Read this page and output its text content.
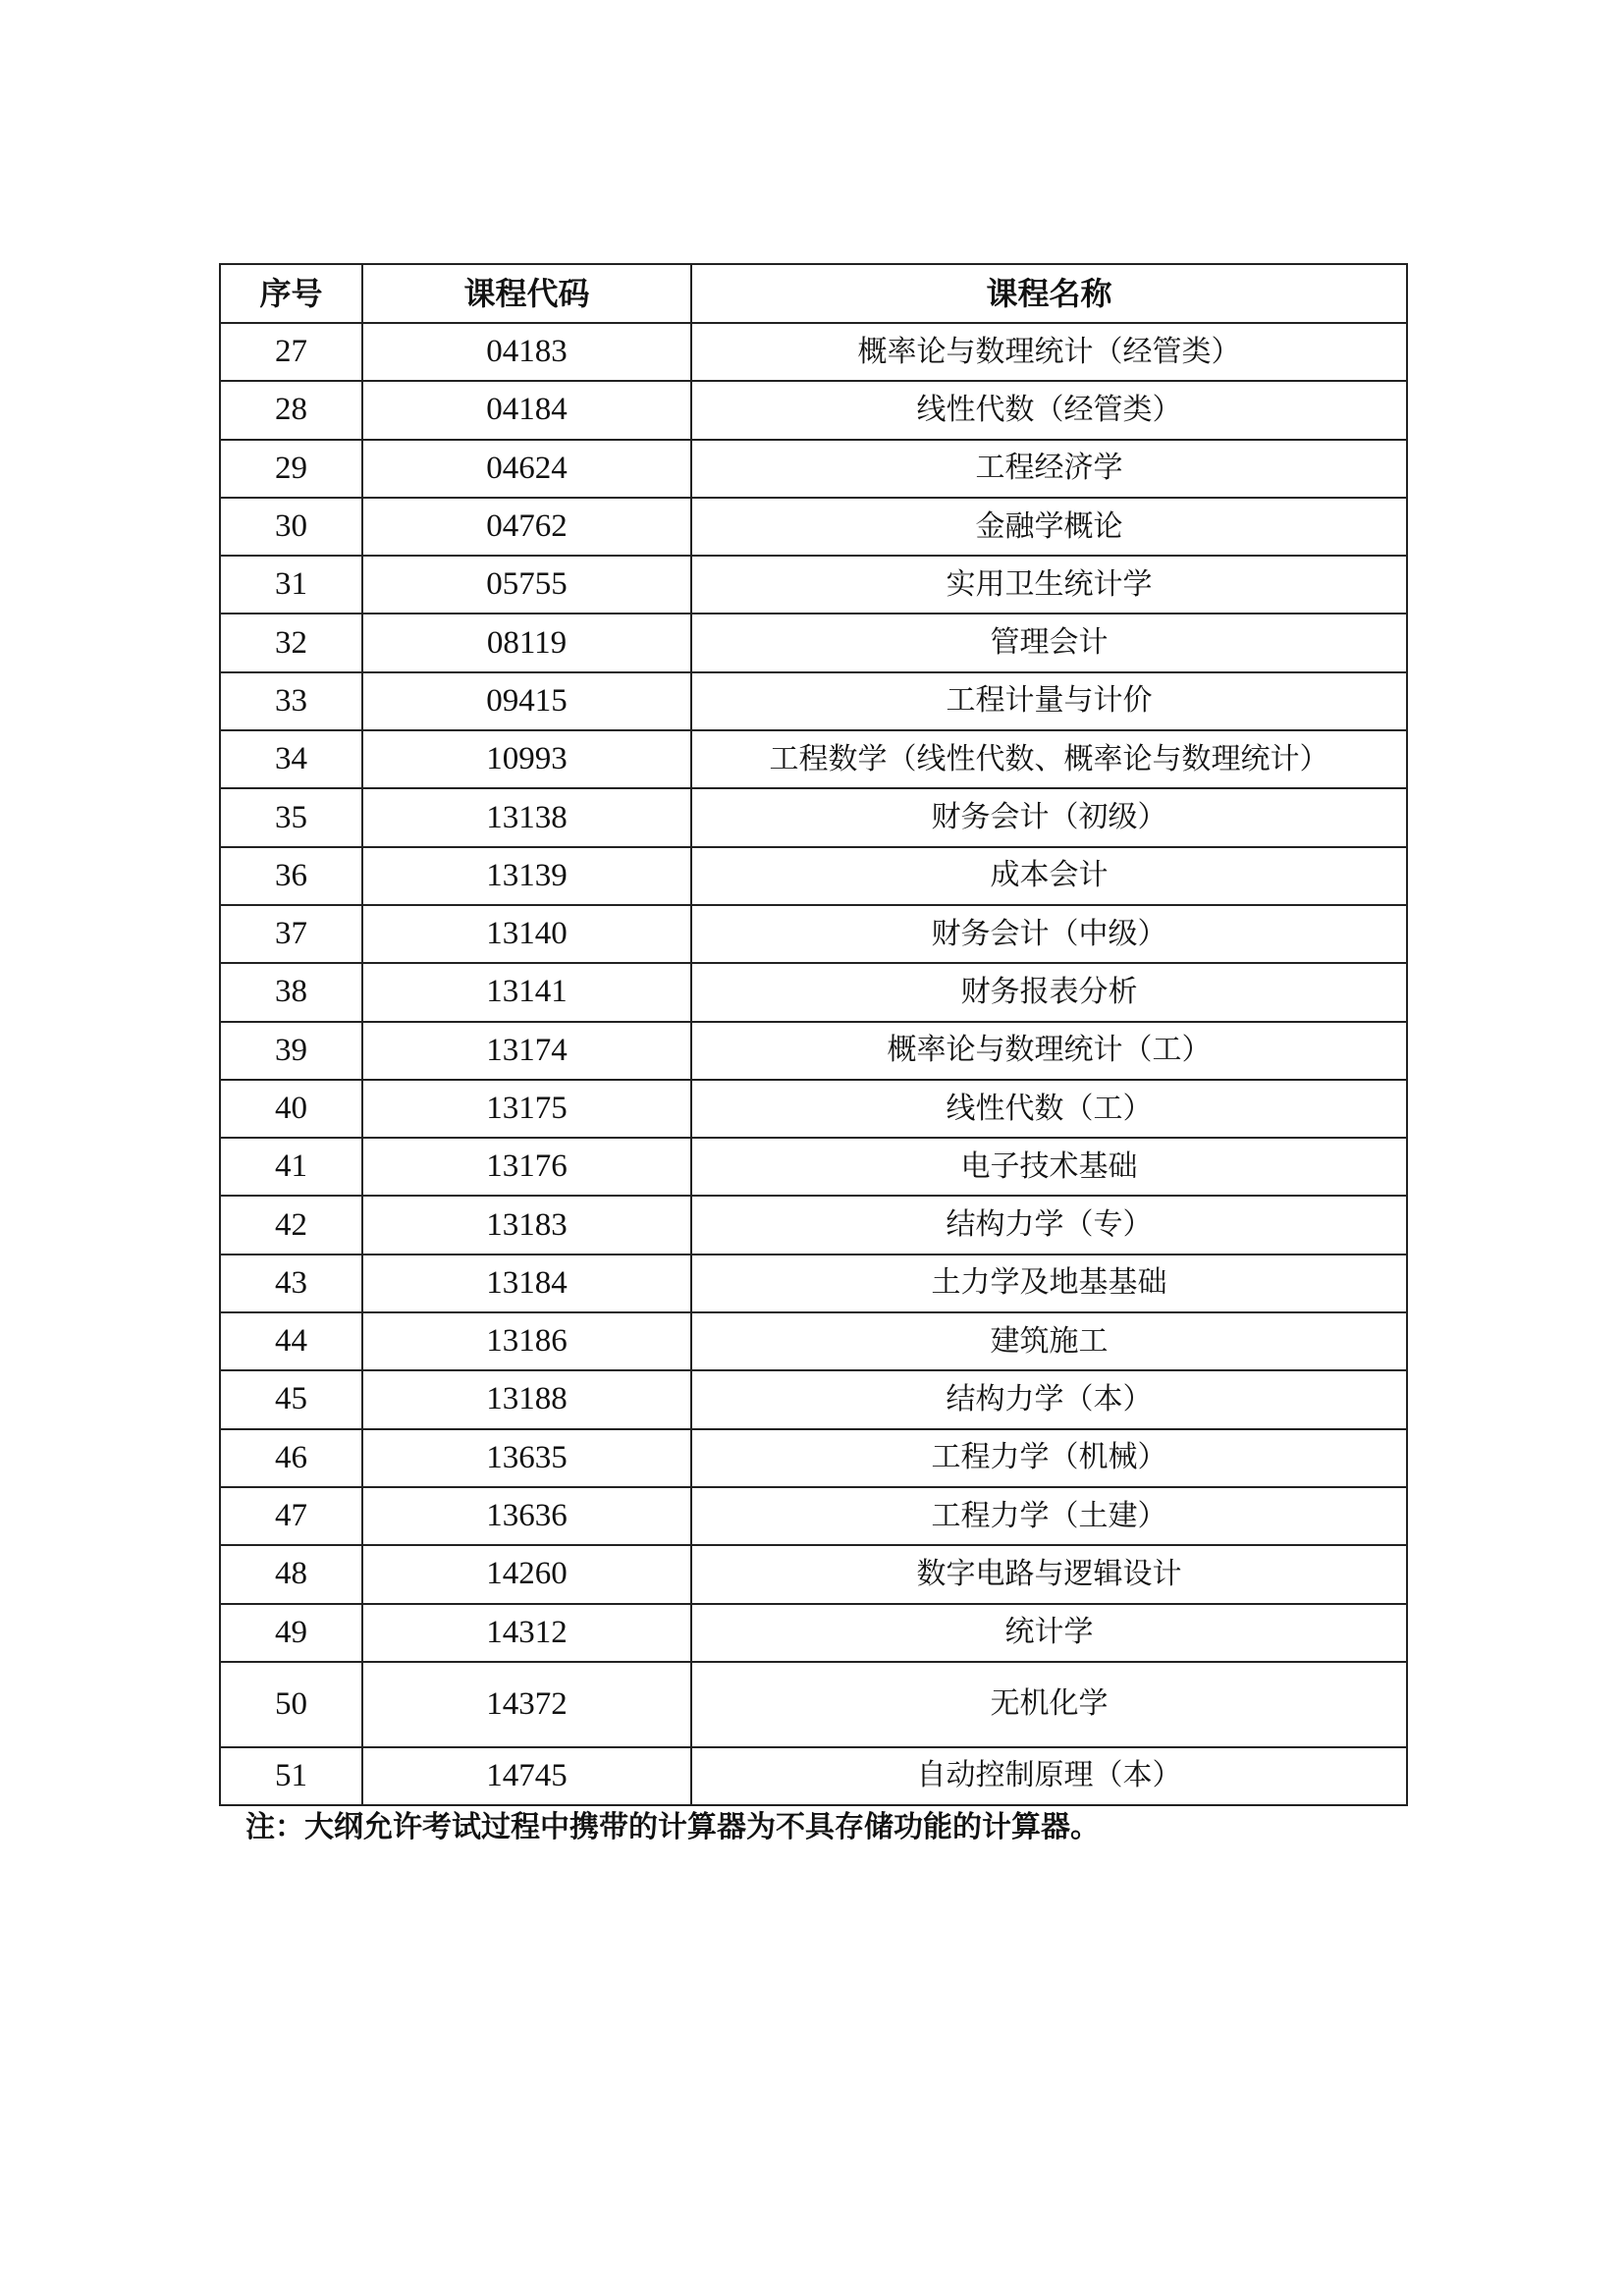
序号	课程代码	课程名称
27	04183	概率论与数理统计（经管类）
28	04184	线性代数（经管类）
29	04624	工程经济学
30	04762	金融学概论
31	05755	实用卫生统计学
32	08119	管理会计
33	09415	工程计量与计价
34	10993	工程数学（线性代数、概率论与数理统计）
35	13138	财务会计（初级）
36	13139	成本会计
37	13140	财务会计（中级）
38	13141	财务报表分析
39	13174	概率论与数理统计（工）
40	13175	线性代数（工）
41	13176	电子技术基础
42	13183	结构力学（专）
43	13184	土力学及地基基础
44	13186	建筑施工
45	13188	结构力学（本）
46	13635	工程力学（机械）
47	13636	工程力学（土建）
48	14260	数字电路与逻辑设计
49	14312	统计学
50	14372	无机化学
51	14745	自动控制原理（本）
注：大纲允许考试过程中携带的计算器为不具存储功能的计算器。
